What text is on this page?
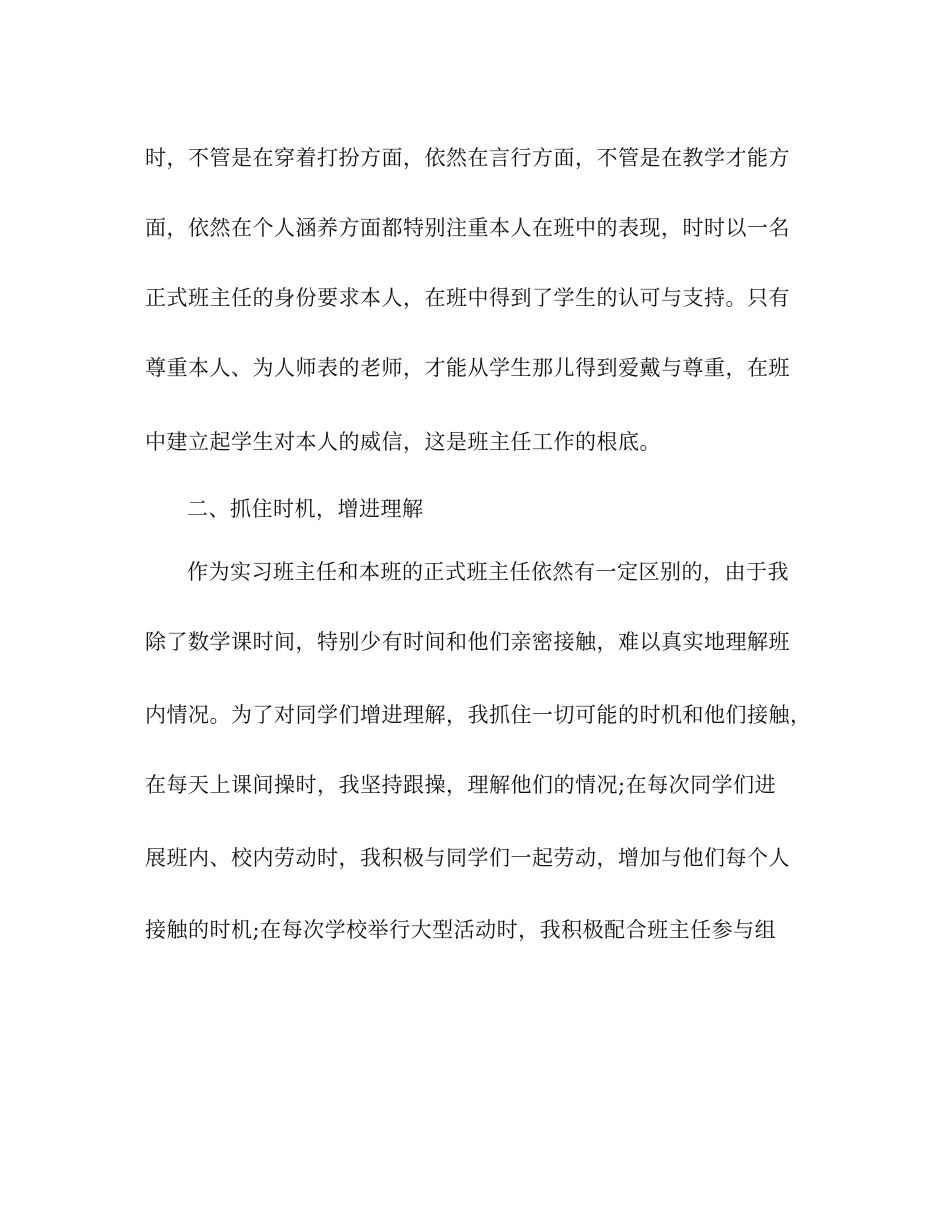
时，不管是在穿着打扮方面，依然在言行方面，不管是在教学才能方
面，依然在个人涵养方面都特别注重本人在班中的表现，时时以一名
正式班主任的身份要求本人，在班中得到了学生的认可与支持。只有
尊重本人、为人师表的老师，才能从学生那儿得到爱戴与尊重，在班
中建立起学生对本人的威信，这是班主任工作的根底。
二、抓住时机，增进理解
作为实习班主任和本班的正式班主任依然有一定区别的，由于我
除了数学课时间，特别少有时间和他们亲密接触，难以真实地理解班
内情况。为了对同学们增进理解，我抓住一切可能的时机和他们接触，
在每天上课间操时，我坚持跟操，理解他们的情况;在每次同学们进
展班内、校内劳动时，我积极与同学们一起劳动，增加与他们每个人
接触的时机;在每次学校举行大型活动时，我积极配合班主任参与组
